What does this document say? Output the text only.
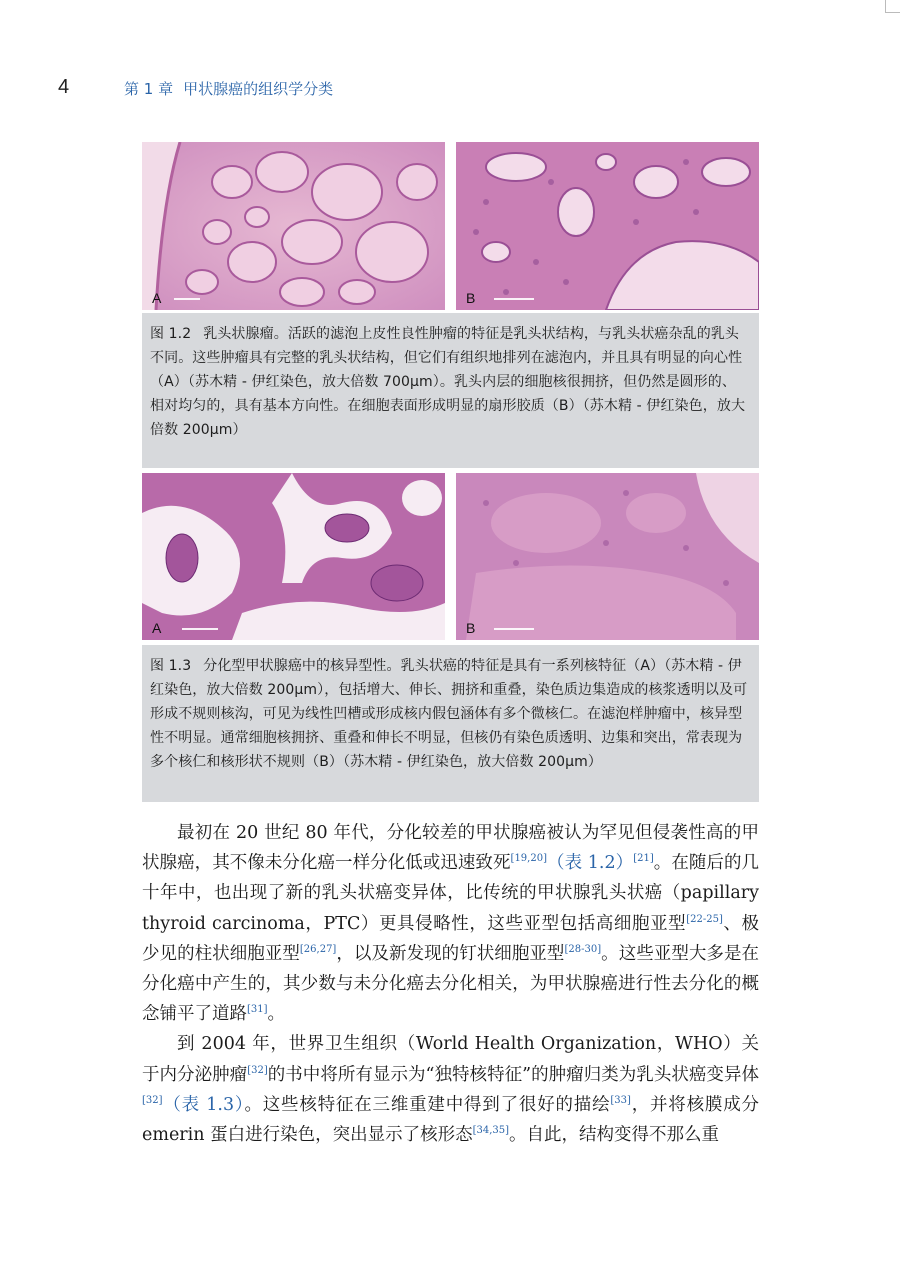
4	第 1 章 甲状腺癌的组织学分类
A	B
图 1.2 乳头状腺瘤。活跃的滤泡上皮性良性肿瘤的特征是乳头状结构，与乳头状癌杂乱的乳头不同。这些肿瘤具有完整的乳头状结构，但它们有组织地排列在滤泡内，并且具有明显的向心性（A）（苏木精 - 伊红染色，放大倍数 700μm）。乳头内层的细胞核很拥挤，但仍然是圆形的、相对均匀的，具有基本方向性。在细胞表面形成明显的扇形胶质（B）（苏木精 - 伊红染色，放大倍数 200μm）
A	B
图 1.3 分化型甲状腺癌中的核异型性。乳头状癌的特征是具有一系列核特征（A）（苏木精 - 伊红染色，放大倍数 200μm），包括增大、伸长、拥挤和重叠，染色质边集造成的核浆透明以及可形成不规则核沟，可见为线性凹槽或形成核内假包涵体有多个微核仁。在滤泡样肿瘤中，核异型性不明显。通常细胞核拥挤、重叠和伸长不明显，但核仍有染色质透明、边集和突出，常表现为多个核仁和核形状不规则（B）（苏木精 - 伊红染色，放大倍数 200μm）

最初在 20 世纪 80 年代，分化较差的甲状腺癌被认为罕见但侵袭性高的甲状腺癌，其不像未分化癌一样分化低或迅速致死[19,20]（表 1.2）[21]。在随后的几十年中，也出现了新的乳头状癌变异体，比传统的甲状腺乳头状癌（papillary thyroid carcinoma，PTC）更具侵略性，这些亚型包括高细胞亚型[22-25]、极少见的柱状细胞亚型[26,27]，以及新发现的钉状细胞亚型[28-30]。这些亚型大多是在分化癌中产生的，其少数与未分化癌去分化相关，为甲状腺癌进行性去分化的概念铺平了道路[31]。

到 2004 年，世界卫生组织（World Health Organization，WHO）关于内分泌肿瘤[32]的书中将所有显示为“独特核特征”的肿瘤归类为乳头状癌变异体[32]（表 1.3）。这些核特征在三维重建中得到了很好的描绘[33]，并将核膜成分 emerin 蛋白进行染色，突出显示了核形态[34,35]。自此，结构变得不那么重
